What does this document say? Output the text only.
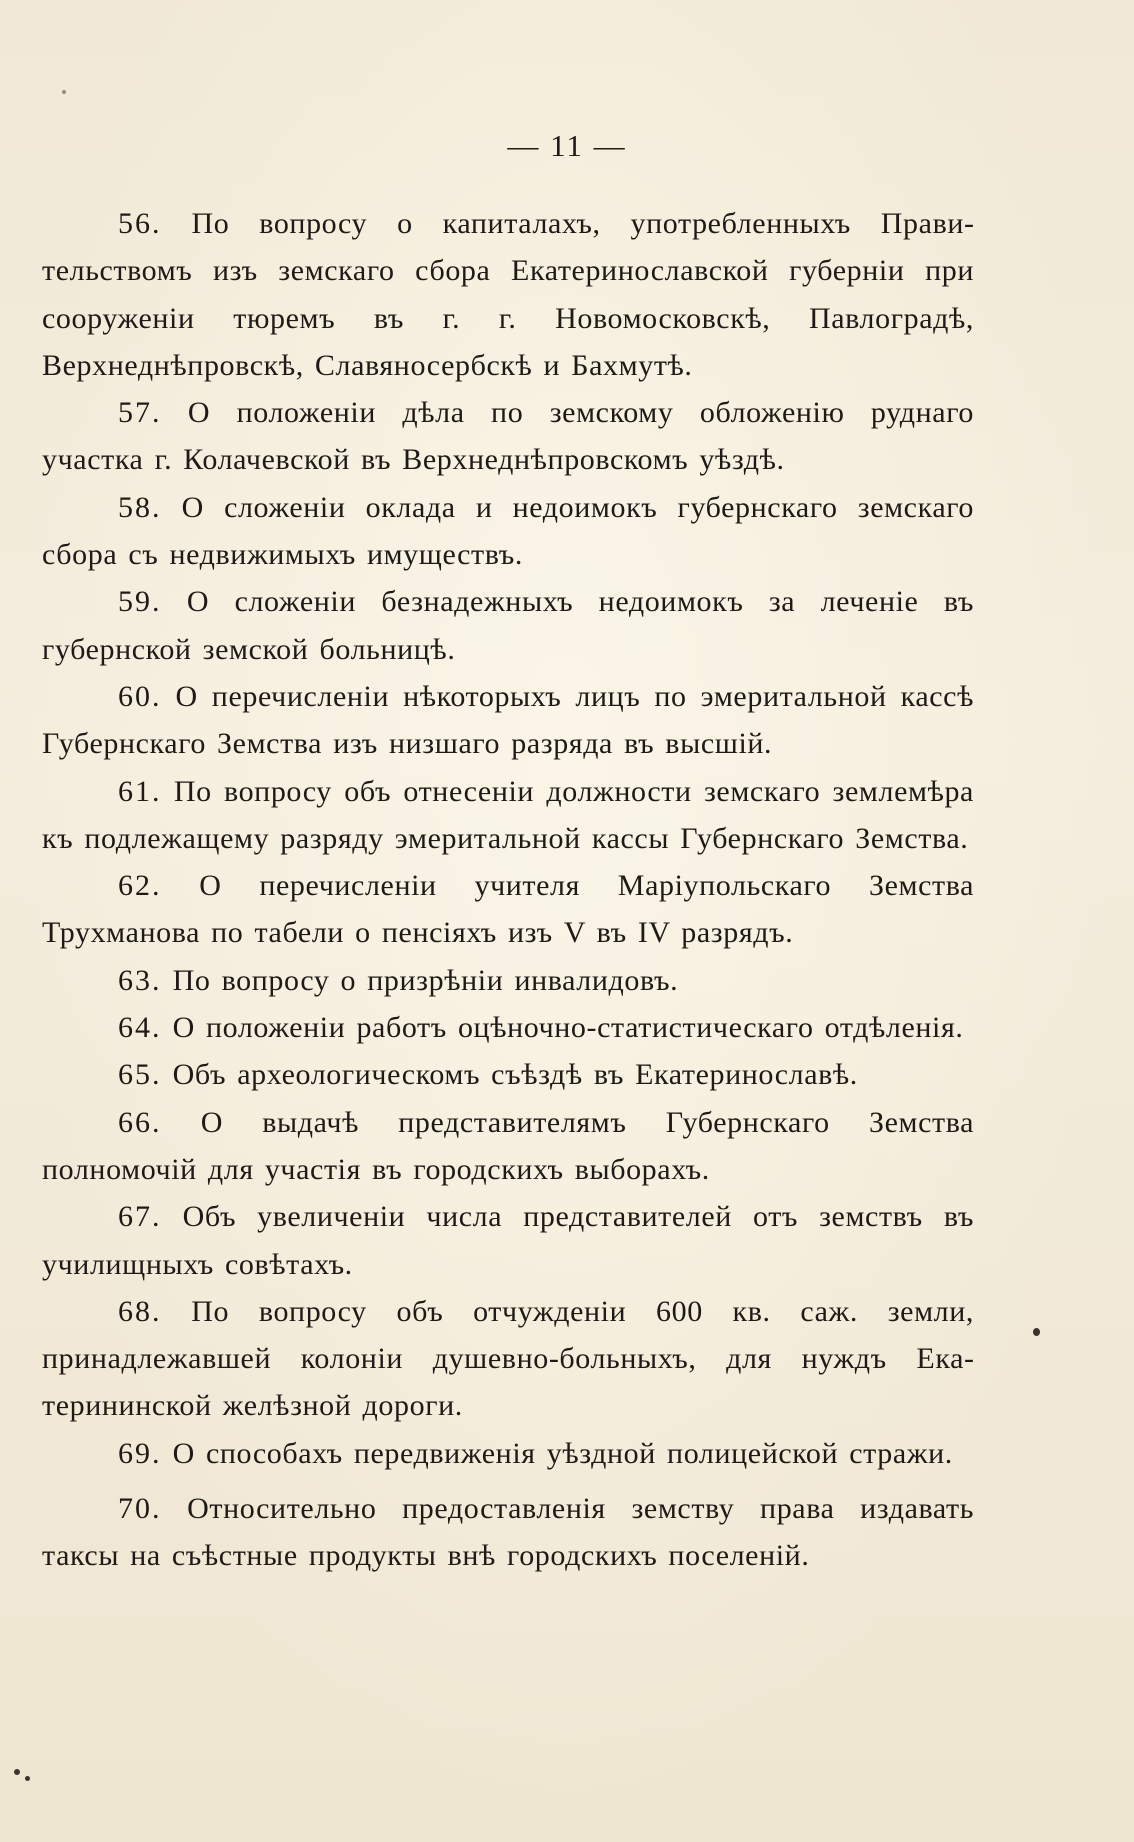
— 11 —

56. По вопросу о капиталахъ, употребленныхъ Правительствомъ изъ земскаго сбора Екатеринославской губерніи при сооруженіи тюремъ въ г. г. Новомосковскѣ, Павлоградѣ, Верхнеднѣпровскѣ, Славяносербскѣ и Бахмутѣ.

57. О положеніи дѣла по земскому обложенію руднаго участка г. Колачевской въ Верхнеднѣпровскомъ уѣздѣ.

58. О сложеніи оклада и недоимокъ губернскаго земскаго сбора съ недвижимыхъ имуществъ.

59. О сложеніи безнадежныхъ недоимокъ за леченіе въ губернской земской больницѣ.

60. О перечисленіи нѣкоторыхъ лицъ по эмеритальной кассѣ Губернскаго Земства изъ низшаго разряда въ высшій.

61. По вопросу объ отнесеніи должности земскаго землемѣра къ подлежащему разряду эмеритальной кассы Губернскаго Земства.

62. О перечисленіи учителя Маріупольскаго Земства Трухманова по табели о пенсіяхъ изъ V въ IV разрядъ.

63. По вопросу о призрѣніи инвалидовъ.

64. О положеніи работъ оцѣночно-статистическаго отдѣленія.

65. Объ археологическомъ съѣздѣ въ Екатеринославѣ.

66. О выдачѣ представителямъ Губернскаго Земства полномочій для участія въ городскихъ выборахъ.

67. Объ увеличеніи числа представителей отъ земствъ въ училищныхъ совѣтахъ.

68. По вопросу объ отчужденіи 600 кв. саж. земли, принадлежавшей колоніи душевно-больныхъ, для нуждъ Екатерининской желѣзной дороги.

69. О способахъ передвиженія уѣздной полицейской стражи.

70. Относительно предоставленія земству права издавать таксы на съѣстные продукты внѣ городскихъ поселеній.
